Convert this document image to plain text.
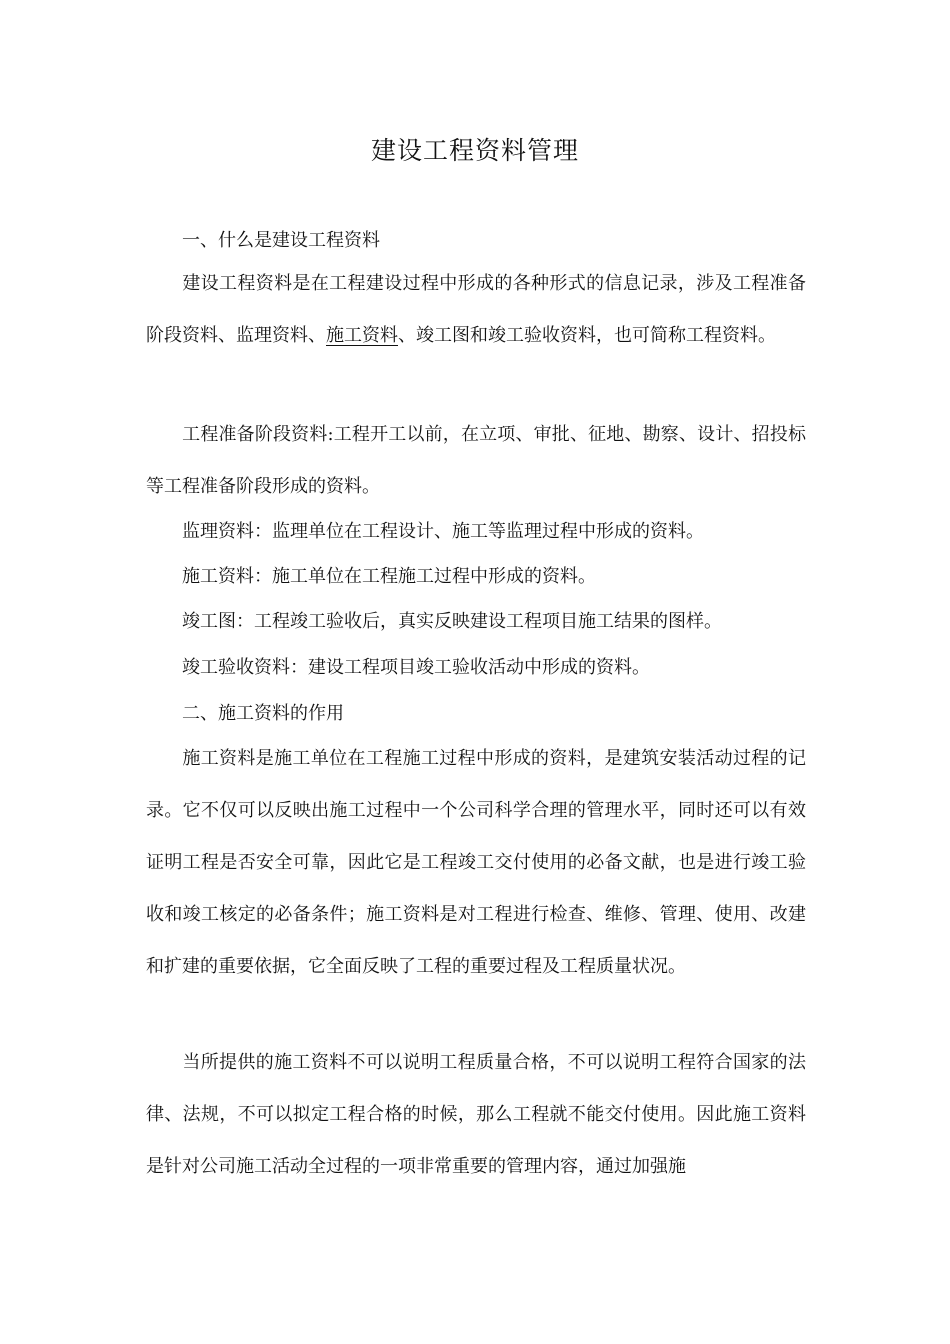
建设工程资料管理

一、什么是建设工程资料

建设工程资料是在工程建设过程中形成的各种形式的信息记录，涉及工程准备阶段资料、监理资料、施工资料、竣工图和竣工验收资料，也可简称工程资料。

工程准备阶段资料:工程开工以前，在立项、审批、征地、勘察、设计、招投标等工程准备阶段形成的资料。

监理资料：监理单位在工程设计、施工等监理过程中形成的资料。

施工资料：施工单位在工程施工过程中形成的资料。

竣工图：工程竣工验收后，真实反映建设工程项目施工结果的图样。

竣工验收资料：建设工程项目竣工验收活动中形成的资料。

二、施工资料的作用

施工资料是施工单位在工程施工过程中形成的资料，是建筑安装活动过程的记录。它不仅可以反映出施工过程中一个公司科学合理的管理水平，同时还可以有效证明工程是否安全可靠，因此它是工程竣工交付使用的必备文献，也是进行竣工验收和竣工核定的必备条件；施工资料是对工程进行检查、维修、管理、使用、改建和扩建的重要依据，它全面反映了工程的重要过程及工程质量状况。

当所提供的施工资料不可以说明工程质量合格，不可以说明工程符合国家的法律、法规，不可以拟定工程合格的时候，那么工程就不能交付使用。因此施工资料是针对公司施工活动全过程的一项非常重要的管理内容，通过加强施
